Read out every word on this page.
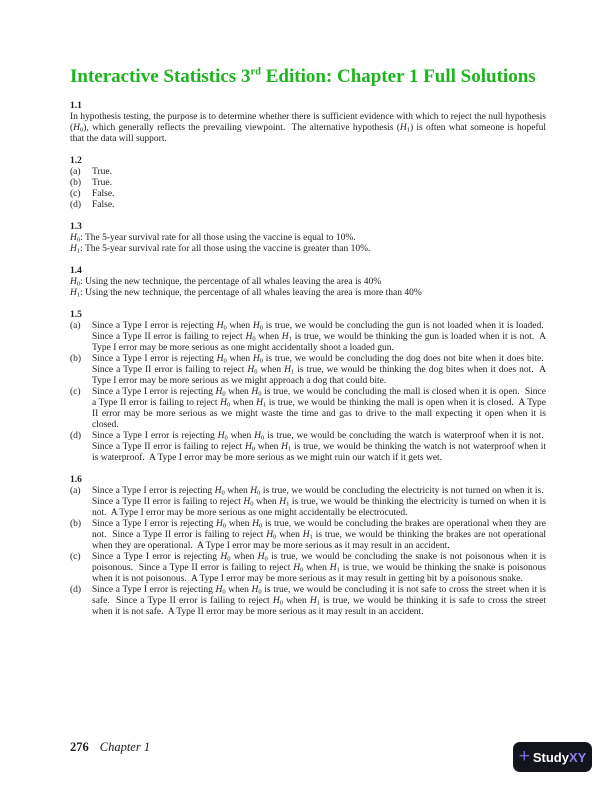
Interactive Statistics 3rd Edition: Chapter 1 Full Solutions
1.1

In hypothesis testing, the purpose is to determine whether there is sufficient evidence with which to reject the null hypothesis $(H_0)$, which generally reflects the prevailing viewpoint.  The alternative hypothesis $(H_1)$ is often what someone is hopeful that the data will support.

1.2
(a)	True.
(b)	True.
(c)	False.
(d)	False.
1.3
$H_0$: The 5-year survival rate for all those using the vaccine is equal to 10%.
$H_1$: The 5-year survival rate for all those using the vaccine is greater than 10%.
1.4
$H_0$: Using the new technique, the percentage of all whales leaving the area is 40%
$H_1$: Using the new technique, the percentage of all whales leaving the area is more than 40%
1.5
(a)	Since a Type I error is rejecting $H_0$ when $H_0$ is true, we would be concluding the gun is not loaded when it is loaded.  Since a Type II error is failing to reject $H_0$ when $H_1$ is true, we would be thinking the gun is loaded when it is not.  A Type I error may be more serious as one might accidentally shoot a loaded gun.
(b)	Since a Type I error is rejecting $H_0$ when $H_0$ is true, we would be concluding the dog does not bite when it does bite.  Since a Type II error is failing to reject $H_0$ when $H_1$ is true, we would be thinking the dog bites when it does not.  A Type I error may be more serious as we might approach a dog that could bite.
(c)	Since a Type I error is rejecting $H_0$ when $H_0$ is true, we would be concluding the mall is closed when it is open.  Since a Type II error is failing to reject $H_0$ when $H_1$ is true, we would be thinking the mall is open when it is closed.  A Type II error may be more serious as we might waste the time and gas to drive to the mall expecting it open when it is closed.
(d)	Since a Type I error is rejecting $H_0$ when $H_0$ is true, we would be concluding the watch is waterproof when it is not.  Since a Type II error is failing to reject $H_0$ when $H_1$ is true, we would be thinking the watch is not waterproof when it is waterproof.  A Type I error may be more serious as we might ruin our watch if it gets wet.
1.6
(a)	Since a Type I error is rejecting $H_0$ when $H_0$ is true, we would be concluding the electricity is not turned on when it is.  Since a Type II error is failing to reject $H_0$ when $H_1$ is true, we would be thinking the electricity is turned on when it is not.  A Type I error may be more serious as one might accidentally be electrocuted.
(b)	Since a Type I error is rejecting $H_0$ when $H_0$ is true, we would be concluding the brakes are operational when they are not.  Since a Type II error is failing to reject $H_0$ when $H_1$ is true, we would be thinking the brakes are not operational when they are operational.  A Type I error may be more serious as it may result in an accident.
(c)	Since a Type I error is rejecting $H_0$ when $H_0$ is true, we would be concluding the snake is not poisonous when it is poisonous.  Since a Type II error is failing to reject $H_0$ when $H_1$ is true, we would be thinking the snake is poisonous when it is not poisonous.  A Type I error may be more serious as it may result in getting bit by a poisonous snake.
(d)	Since a Type I error is rejecting $H_0$ when $H_0$ is true, we would be concluding it is not safe to cross the street when it is safe.  Since a Type II error is failing to reject $H_0$ when $H_1$ is true, we would be thinking it is safe to cross the street when it is not safe.  A Type II error may be more serious as it may result in an accident.
276 Chapter 1	+ StudyXY
